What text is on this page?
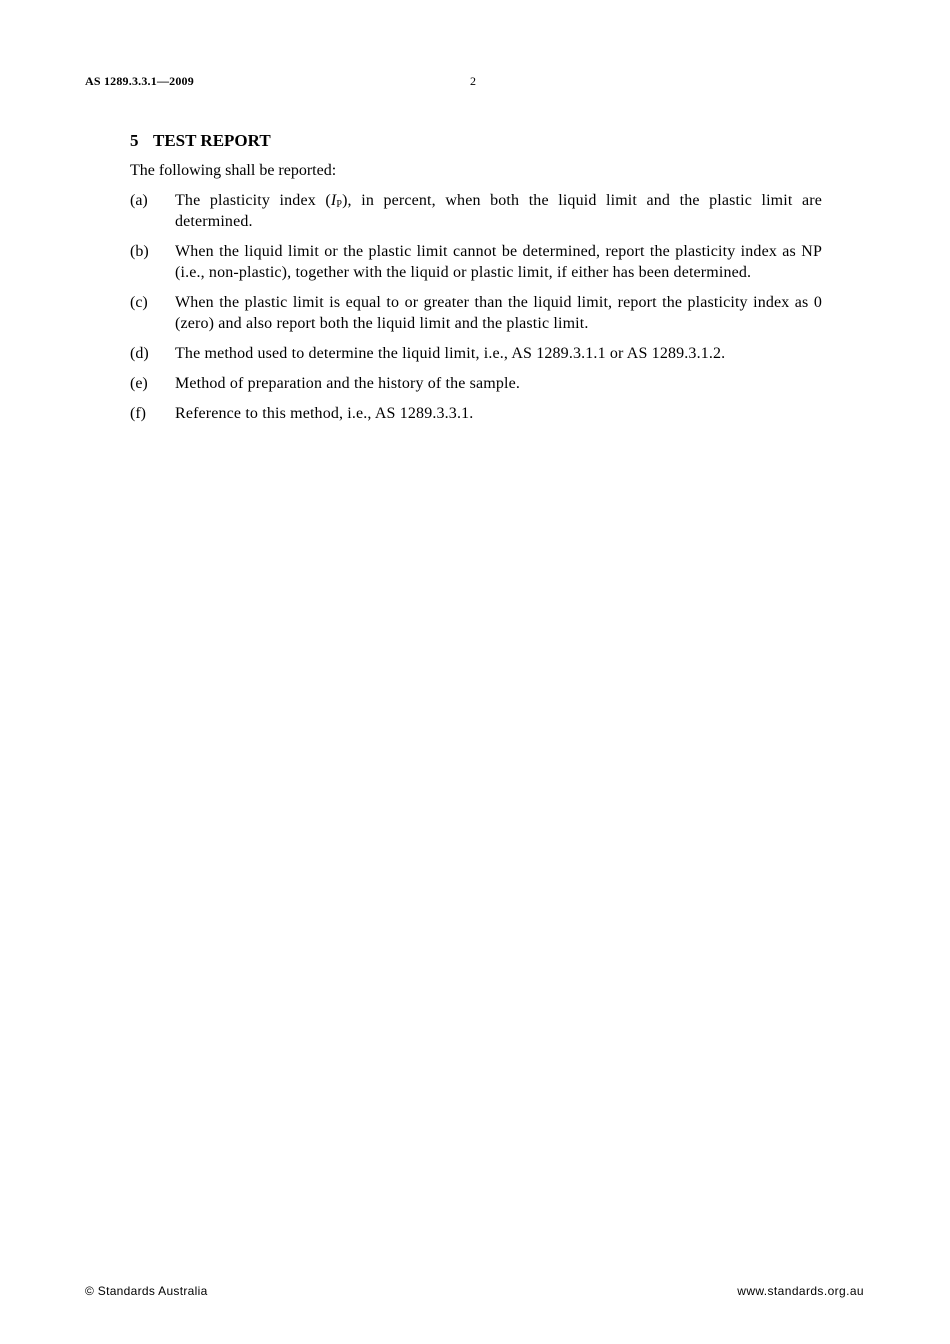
AS 1289.3.3.1—2009	2
5 TEST REPORT

The following shall be reported:

(a)	The plasticity index $(I_P)$, in percent, when both the liquid limit and the plastic limit are determined.
(b)	When the liquid limit or the plastic limit cannot be determined, report the plasticity index as NP (i.e., non-plastic), together with the liquid or plastic limit, if either has been determined.
(c)	When the plastic limit is equal to or greater than the liquid limit, report the plasticity index as 0 (zero) and also report both the liquid limit and the plastic limit.
(d)	The method used to determine the liquid limit, i.e., AS 1289.3.1.1 or AS 1289.3.1.2.
(e)	Method of preparation and the history of the sample.
(f)	Reference to this method, i.e., AS 1289.3.3.1.
© Standards Australia	www.standards.org.au
